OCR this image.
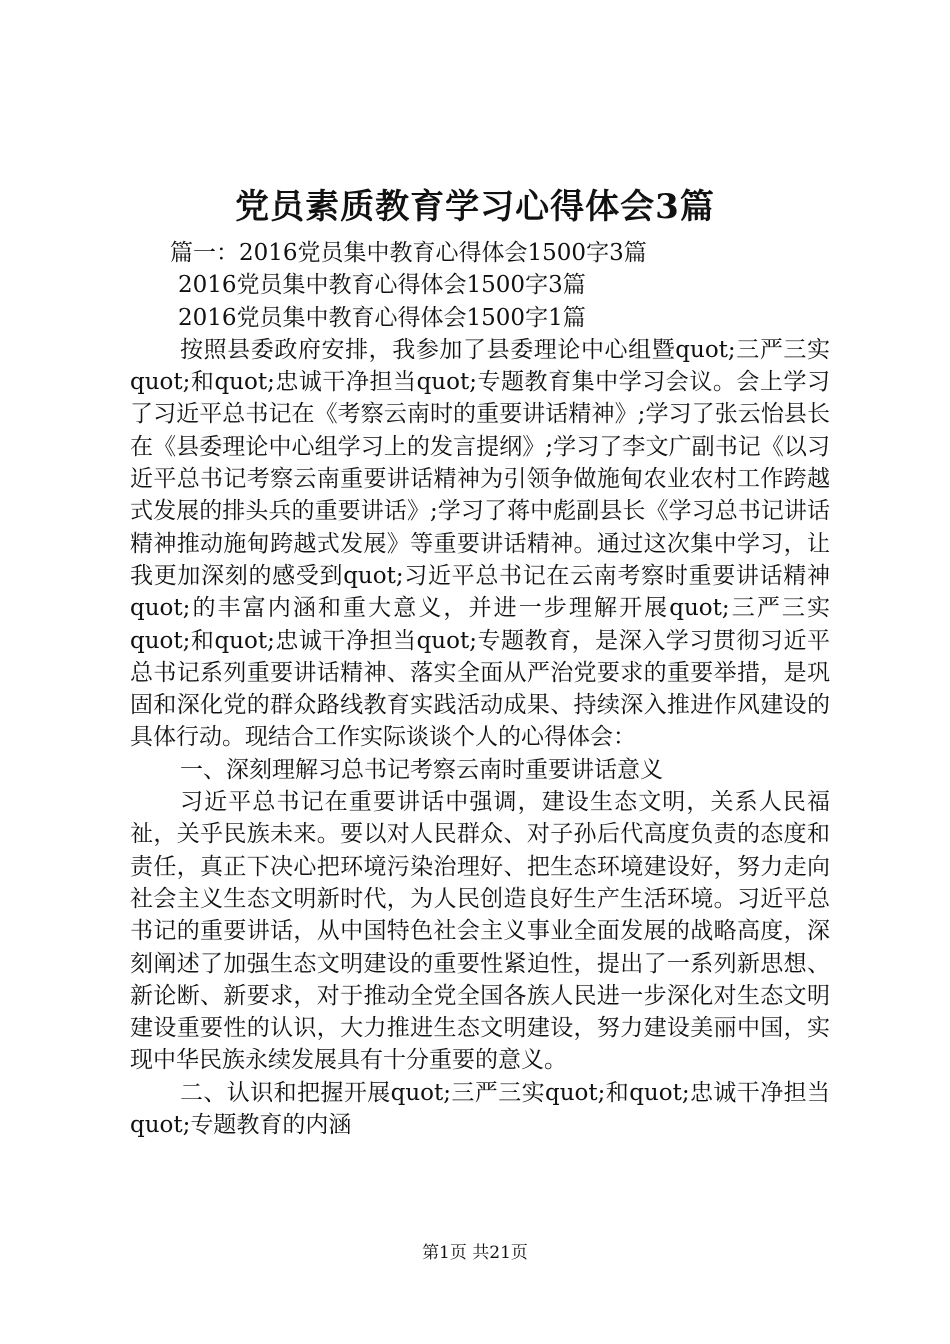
党员素质教育学习心得体会3篇

篇一：2016党员集中教育心得体会1500字3篇

2016党员集中教育心得体会1500字3篇

2016党员集中教育心得体会1500字1篇

按照县委政府安排，我参加了县委理论中心组暨quot;三严三实quot;和quot;忠诚干净担当quot;专题教育集中学习会议。会上学习了习近平总书记在《考察云南时的重要讲话精神》;学习了张云怡县长在《县委理论中心组学习上的发言提纲》;学习了李文广副书记《以习近平总书记考察云南重要讲话精神为引领争做施甸农业农村工作跨越式发展的排头兵的重要讲话》;学习了蒋中彪副县长《学习总书记讲话精神推动施甸跨越式发展》等重要讲话精神。通过这次集中学习，让我更加深刻的感受到quot;习近平总书记在云南考察时重要讲话精神quot;的丰富内涵和重大意义，并进一步理解开展quot;三严三实quot;和quot;忠诚干净担当quot;专题教育，是深入学习贯彻习近平总书记系列重要讲话精神、落实全面从严治党要求的重要举措，是巩固和深化党的群众路线教育实践活动成果、持续深入推进作风建设的具体行动。现结合工作实际谈谈个人的心得体会：

一、深刻理解习总书记考察云南时重要讲话意义

习近平总书记在重要讲话中强调，建设生态文明，关系人民福祉，关乎民族未来。要以对人民群众、对子孙后代高度负责的态度和责任，真正下决心把环境污染治理好、把生态环境建设好，努力走向社会主义生态文明新时代，为人民创造良好生产生活环境。习近平总书记的重要讲话，从中国特色社会主义事业全面发展的战略高度，深刻阐述了加强生态文明建设的重要性紧迫性，提出了一系列新思想、新论断、新要求，对于推动全党全国各族人民进一步深化对生态文明建设重要性的认识，大力推进生态文明建设，努力建设美丽中国，实现中华民族永续发展具有十分重要的意义。

二、认识和把握开展quot;三严三实quot;和quot;忠诚干净担当quot;专题教育的内涵

第1页 共21页
